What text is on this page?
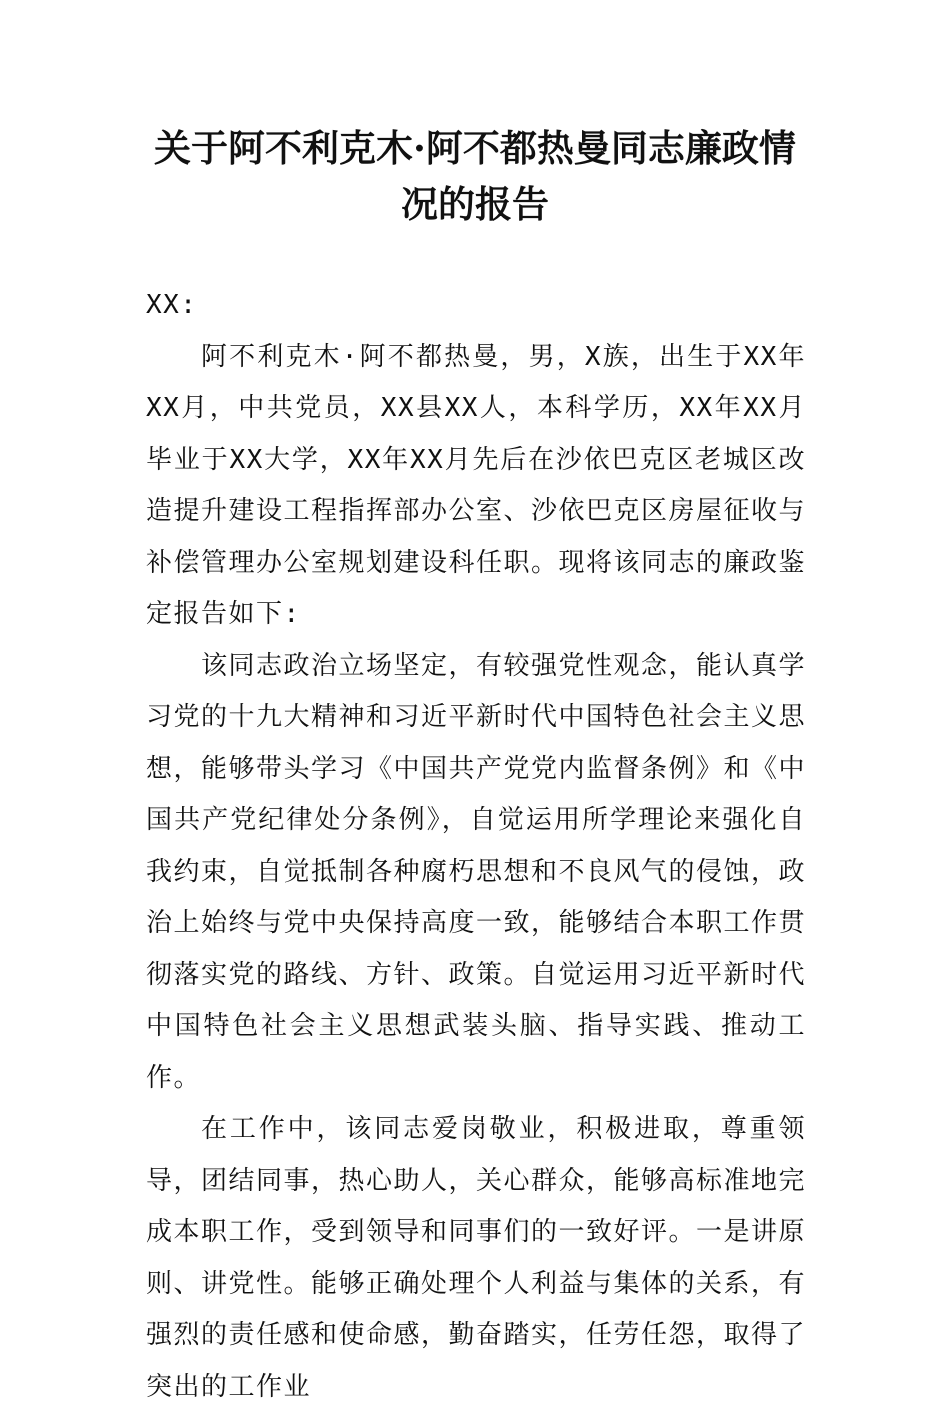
关于阿不利克木·阿不都热曼同志廉政情况的报告

XX:

阿不利克木·阿不都热曼，男，X族，出生于XX年XX月，中共党员，XX县XX人，本科学历，XX年XX月毕业于XX大学，XX年XX月先后在沙依巴克区老城区改造提升建设工程指挥部办公室、沙依巴克区房屋征收与补偿管理办公室规划建设科任职。现将该同志的廉政鉴定报告如下:

该同志政治立场坚定，有较强党性观念，能认真学习党的十九大精神和习近平新时代中国特色社会主义思想，能够带头学习《中国共产党党内监督条例》和《中国共产党纪律处分条例》，自觉运用所学理论来强化自我约束，自觉抵制各种腐朽思想和不良风气的侵蚀，政治上始终与党中央保持高度一致，能够结合本职工作贯彻落实党的路线、方针、政策。自觉运用习近平新时代中国特色社会主义思想武装头脑、指导实践、推动工作。

在工作中，该同志爱岗敬业，积极进取，尊重领导，团结同事，热心助人，关心群众，能够高标准地完成本职工作，受到领导和同事们的一致好评。一是讲原则、讲党性。能够正确处理个人利益与集体的关系，有强烈的责任感和使命感，勤奋踏实，任劳任怨，取得了突出的工作业
